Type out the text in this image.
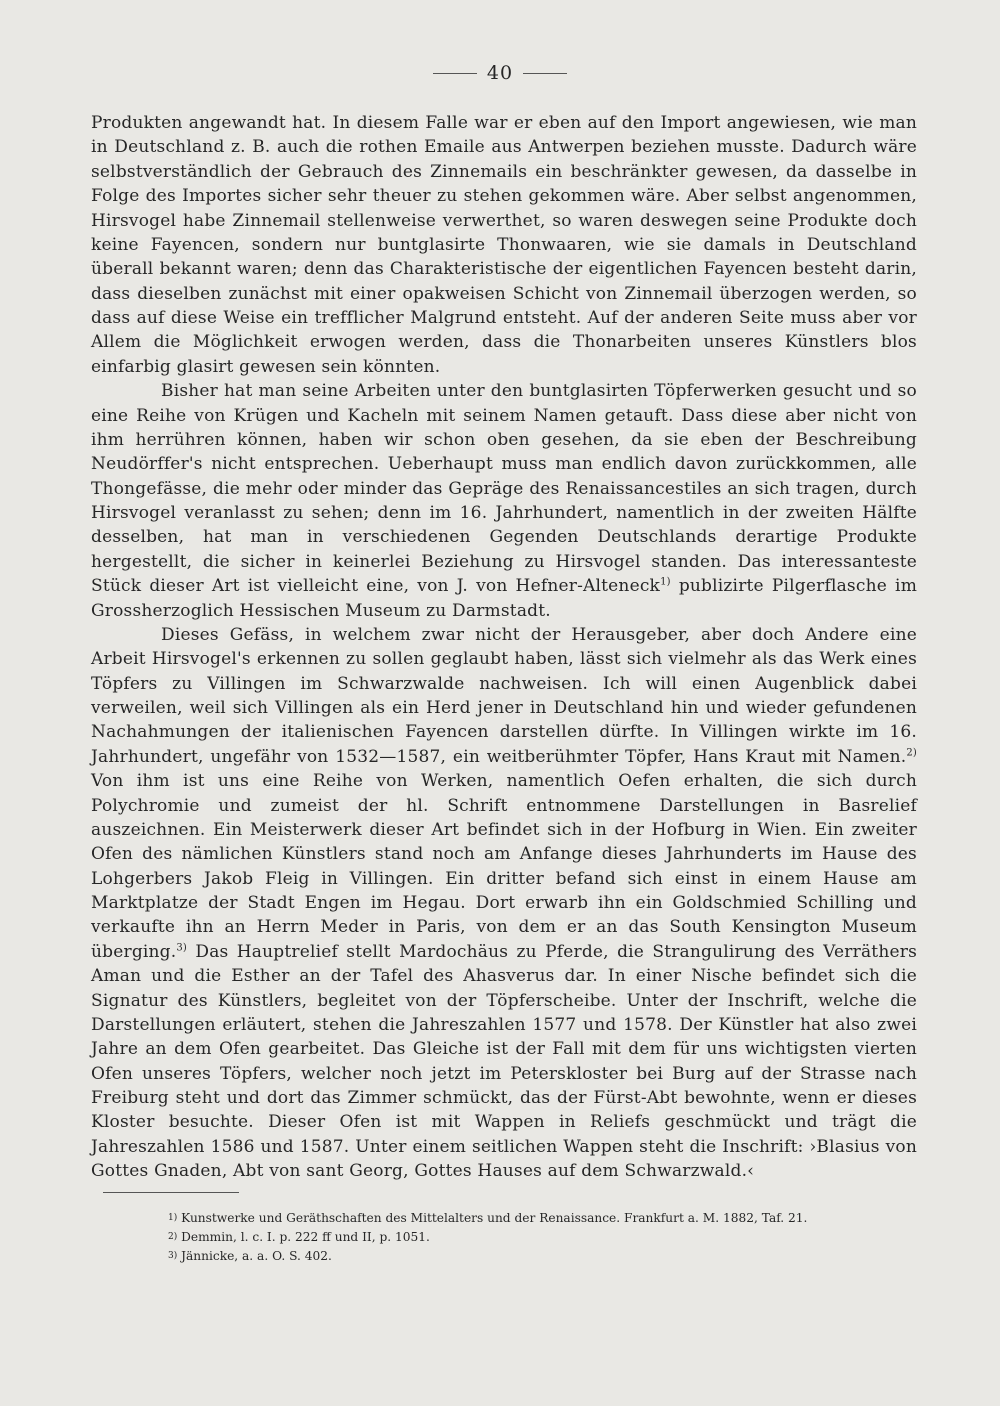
40

Produkten angewandt hat. In diesem Falle war er eben auf den Import angewiesen, wie man in Deutschland z. B. auch die rothen Emaile aus Antwerpen beziehen musste. Dadurch wäre selbstverständlich der Gebrauch des Zinnemails ein beschränkter gewesen, da dasselbe in Folge des Importes sicher sehr theuer zu stehen gekommen wäre. Aber selbst angenommen, Hirsvogel habe Zinnemail stellenweise verwerthet, so waren deswegen seine Produkte doch keine Fayencen, sondern nur buntglasirte Thonwaaren, wie sie damals in Deutschland überall bekannt waren; denn das Charakteristische der eigentlichen Fayencen besteht darin, dass dieselben zunächst mit einer opakweisen Schicht von Zinnemail überzogen werden, so dass auf diese Weise ein trefflicher Malgrund entsteht. Auf der anderen Seite muss aber vor Allem die Möglichkeit erwogen werden, dass die Thonarbeiten unseres Künstlers blos einfarbig glasirt gewesen sein könnten.

Bisher hat man seine Arbeiten unter den buntglasirten Töpferwerken gesucht und so eine Reihe von Krügen und Kacheln mit seinem Namen getauft. Dass diese aber nicht von ihm herrühren können, haben wir schon oben gesehen, da sie eben der Beschreibung Neudörffer's nicht entsprechen. Ueberhaupt muss man endlich davon zurückkommen, alle Thongefässe, die mehr oder minder das Gepräge des Renaissancestiles an sich tragen, durch Hirsvogel veranlasst zu sehen; denn im 16. Jahrhundert, namentlich in der zweiten Hälfte desselben, hat man in verschiedenen Gegenden Deutschlands derartige Produkte hergestellt, die sicher in keinerlei Beziehung zu Hirsvogel standen. Das interessanteste Stück dieser Art ist vielleicht eine, von J. von Hefner-Alteneck$^{1)}$ publizirte Pilgerflasche im Grossherzoglich Hessischen Museum zu Darmstadt.

Dieses Gefäss, in welchem zwar nicht der Herausgeber, aber doch Andere eine Arbeit Hirsvogel's erkennen zu sollen geglaubt haben, lässt sich vielmehr als das Werk eines Töpfers zu Villingen im Schwarzwalde nachweisen. Ich will einen Augenblick dabei verweilen, weil sich Villingen als ein Herd jener in Deutschland hin und wieder gefundenen Nachahmungen der italienischen Fayencen darstellen dürfte. In Villingen wirkte im 16. Jahrhundert, ungefähr von 1532—1587, ein weitberühmter Töpfer, Hans Kraut mit Namen.$^{2)}$ Von ihm ist uns eine Reihe von Werken, namentlich Oefen erhalten, die sich durch Polychromie und zumeist der hl. Schrift entnommene Darstellungen in Basrelief auszeichnen. Ein Meisterwerk dieser Art befindet sich in der Hofburg in Wien. Ein zweiter Ofen des nämlichen Künstlers stand noch am Anfange dieses Jahrhunderts im Hause des Lohgerbers Jakob Fleig in Villingen. Ein dritter befand sich einst in einem Hause am Marktplatze der Stadt Engen im Hegau. Dort erwarb ihn ein Goldschmied Schilling und verkaufte ihn an Herrn Meder in Paris, von dem er an das South Kensington Museum überging.$^{3)}$ Das Hauptrelief stellt Mardochäus zu Pferde, die Strangulirung des Verräthers Aman und die Esther an der Tafel des Ahasverus dar. In einer Nische befindet sich die Signatur des Künstlers, begleitet von der Töpferscheibe. Unter der Inschrift, welche die Darstellungen erläutert, stehen die Jahreszahlen 1577 und 1578. Der Künstler hat also zwei Jahre an dem Ofen gearbeitet. Das Gleiche ist der Fall mit dem für uns wichtigsten vierten Ofen unseres Töpfers, welcher noch jetzt im Peterskloster bei Burg auf der Strasse nach Freiburg steht und dort das Zimmer schmückt, das der Fürst-Abt bewohnte, wenn er dieses Kloster besuchte. Dieser Ofen ist mit Wappen in Reliefs geschmückt und trägt die Jahreszahlen 1586 und 1587. Unter einem seitlichen Wappen steht die Inschrift: ›Blasius von Gottes Gnaden, Abt von sant Georg, Gottes Hauses auf dem Schwarzwald.‹

$^{1)}$ Kunstwerke und Geräthschaften des Mittelalters und der Renaissance. Frankfurt a. M. 1882, Taf. 21.
$^{2)}$ Demmin, l. c. I. p. 222 ff und II, p. 1051.
$^{3)}$ Jännicke, a. a. O. S. 402.
